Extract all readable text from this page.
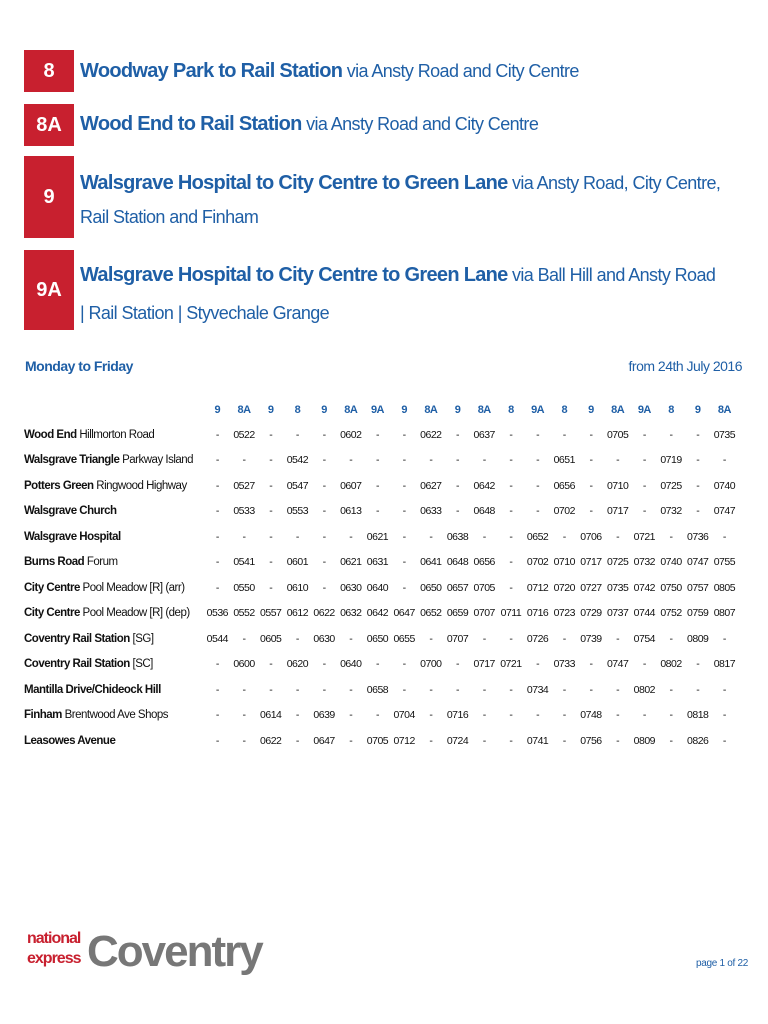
8	Woodway Park to Rail Station via Ansty Road and City Centre
8A Wood End to Rail Station via Ansty Road and City Centre
9
Walsgrave Hospital to City Centre to Green Lane via Ansty Road, City Centre, Rail Station and Finham
9A
Walsgrave Hospital to City Centre to Green Lane via Ball Hill and Ansty Road | Rail Station | Styvechale Grange
Monday to Friday	from 24th July 2016
	9	8A	9	8	9	8A	9A	9	8A	9	8A	8	9A	8	9	8A	9A	8	9	8A
Wood End Hillmorton Road	-	0522	-	-	-	0602	-	-	0622	-	0637	-	-	-	-	0705	-	-	-	0735
Walsgrave Triangle Parkway Island	-	-	-	0542	-	-	-	-	-	-	-	-	-	0651	-	-	-	0719	-	-
Potters Green Ringwood Highway	-	0527	-	0547	-	0607	-	-	0627	-	0642	-	-	0656	-	0710	-	0725	-	0740
Walsgrave Church	-	0533	-	0553	-	0613	-	-	0633	-	0648	-	-	0702	-	0717	-	0732	-	0747
Walsgrave Hospital	-	-	-	-	-	-	0621	-	-	0638	-	-	0652	-	0706	-	0721	-	0736	-
Burns Road Forum	-	0541	-	0601	-	0621	0631	-	0641	0648	0656	-	0702	0710	0717	0725	0732	0740	0747	0755
City Centre Pool Meadow [R] (arr)	-	0550	-	0610	-	0630	0640	-	0650	0657	0705	-	0712	0720	0727	0735	0742	0750	0757	0805
City Centre Pool Meadow [R] (dep)	0536	0552	0557	0612	0622	0632	0642	0647	0652	0659	0707	0711	0716	0723	0729	0737	0744	0752	0759	0807
Coventry Rail Station [SG]	0544	-	0605	-	0630	-	0650	0655	-	0707	-	-	0726	-	0739	-	0754	-	0809	-
Coventry Rail Station [SC]	-	0600	-	0620	-	0640	-	-	0700	-	0717	0721	-	0733	-	0747	-	0802	-	0817
Mantilla Drive/Chideock Hill	-	-	-	-	-	-	0658	-	-	-	-	-	0734	-	-	-	0802	-	-	-
Finham Brentwood Ave Shops	-	-	0614	-	0639	-	-	0704	-	0716	-	-	-	-	0748	-	-	-	0818	-
Leasowes Avenue	-	-	0622	-	0647	-	0705	0712	-	0724	-	-	0741	-	0756	-	0809	-	0826	-
national
express Coventry	page 1 of 22
